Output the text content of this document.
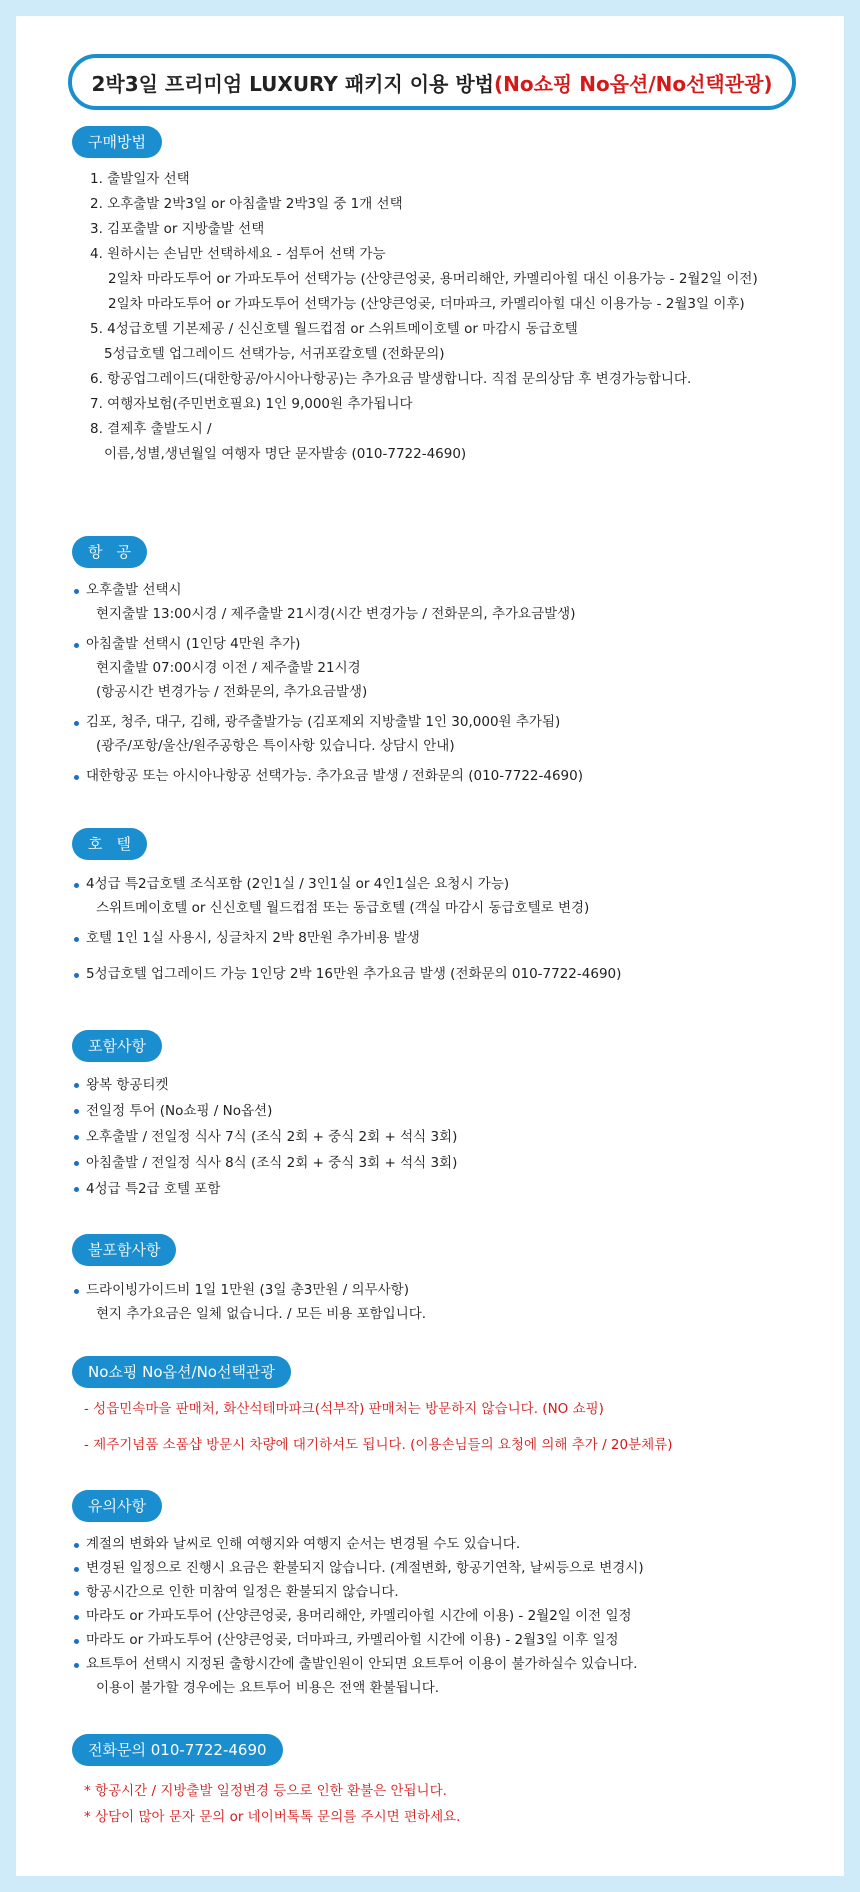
2박3일 프리미엄 LUXURY 패키지 이용 방법 (No쇼핑 No옵션/No선택관광)
구매방법
1. 출발일자 선택
2. 오후출발 2박3일 or 아침출발 2박3일 중 1개 선택
3. 김포출발 or 지방출발 선택
4. 원하시는 손님만 선택하세요 - 섬투어 선택 가능
2일차 마라도투어 or 가파도투어 선택가능 (산양큰엉곶, 용머리해안, 카멜리아힐 대신 이용가능 - 2월2일 이전)
2일차 마라도투어 or 가파도투어 선택가능 (산양큰엉곶, 더마파크, 카멜리아힐 대신 이용가능 - 2월3일 이후)
5. 4성급호텔 기본제공 / 신신호텔 월드컵점 or 스위트메이호텔 or 마감시 동급호텔
5성급호텔 업그레이드 선택가능, 서귀포칼호텔 (전화문의)
6. 항공업그레이드(대한항공/아시아나항공)는 추가요금 발생합니다. 직접 문의상담 후 변경가능합니다.
7. 여행자보험(주민번호필요) 1인 9,000원 추가됩니다
8. 결제후 출발도시 /
이름,성별,생년월일 여행자 명단 문자발송 (010-7722-4690)
항공
오후출발 선택시
현지출발 13:00시경 / 제주출발 21시경(시간 변경가능 / 전화문의, 추가요금발생)
아침출발 선택시 (1인당 4만원 추가)
현지출발 07:00시경 이전 / 제주출발 21시경
(항공시간 변경가능 / 전화문의, 추가요금발생)
김포, 청주, 대구, 김해, 광주출발가능 (김포제외 지방출발 1인 30,000원 추가됨)
(광주/포항/울산/원주공항은 특이사항 있습니다. 상담시 안내)
대한항공 또는 아시아나항공 선택가능. 추가요금 발생 / 전화문의 (010-7722-4690)
호텔
4성급 특2급호텔 조식포함 (2인1실 / 3인1실 or 4인1실은 요청시 가능)
스위트메이호텔 or 신신호텔 월드컵점 또는 동급호텔 (객실 마감시 동급호텔로 변경)
호텔 1인 1실 사용시, 싱글차지 2박 8만원 추가비용 발생
5성급호텔 업그레이드 가능 1인당 2박 16만원 추가요금 발생 (전화문의 010-7722-4690)
포함사항
왕복 항공티켓
전일정 투어 (No쇼핑 / No옵션)
오후출발 / 전일정 식사 7식 (조식 2회 + 중식 2회 + 석식 3회)
아침출발 / 전일정 식사 8식 (조식 2회 + 중식 3회 + 석식 3회)
4성급 특2급 호텔 포함
불포함사항
드라이빙가이드비 1일 1만원 (3일 총3만원 / 의무사항)
현지 추가요금은 일체 없습니다. / 모든 비용 포함입니다.
No쇼핑 No옵션/No선택관광
- 성읍민속마을 판매처, 화산석테마파크(석부작) 판매처는 방문하지 않습니다. (NO 쇼핑)
- 제주기념품 소품샵 방문시 차량에 대기하셔도 됩니다. (이용손님들의 요청에 의해 추가 / 20분체류)
유의사항
계절의 변화와 날씨로 인해 여행지와 여행지 순서는 변경될 수도 있습니다.
변경된 일정으로 진행시 요금은 환불되지 않습니다. (계절변화, 항공기연착, 날씨등으로 변경시)
항공시간으로 인한 미참여 일정은 환불되지 않습니다.
마라도 or 가파도투어 (산양큰엉곶, 용머리해안, 카멜리아힐 시간에 이용) - 2월2일 이전 일정
마라도 or 가파도투어 (산양큰엉곶, 더마파크, 카멜리아힐 시간에 이용) - 2월3일 이후 일정
요트투어 선택시 지정된 출항시간에 출발인원이 안되면 요트투어 이용이 불가하실수 있습니다.
이용이 불가할 경우에는 요트투어 비용은 전액 환불됩니다.
전화문의 010-7722-4690
* 항공시간 / 지방출발 일정변경 등으로 인한 환불은 안됩니다.
* 상담이 많아 문자 문의 or 네이버톡톡 문의를 주시면 편하세요.
